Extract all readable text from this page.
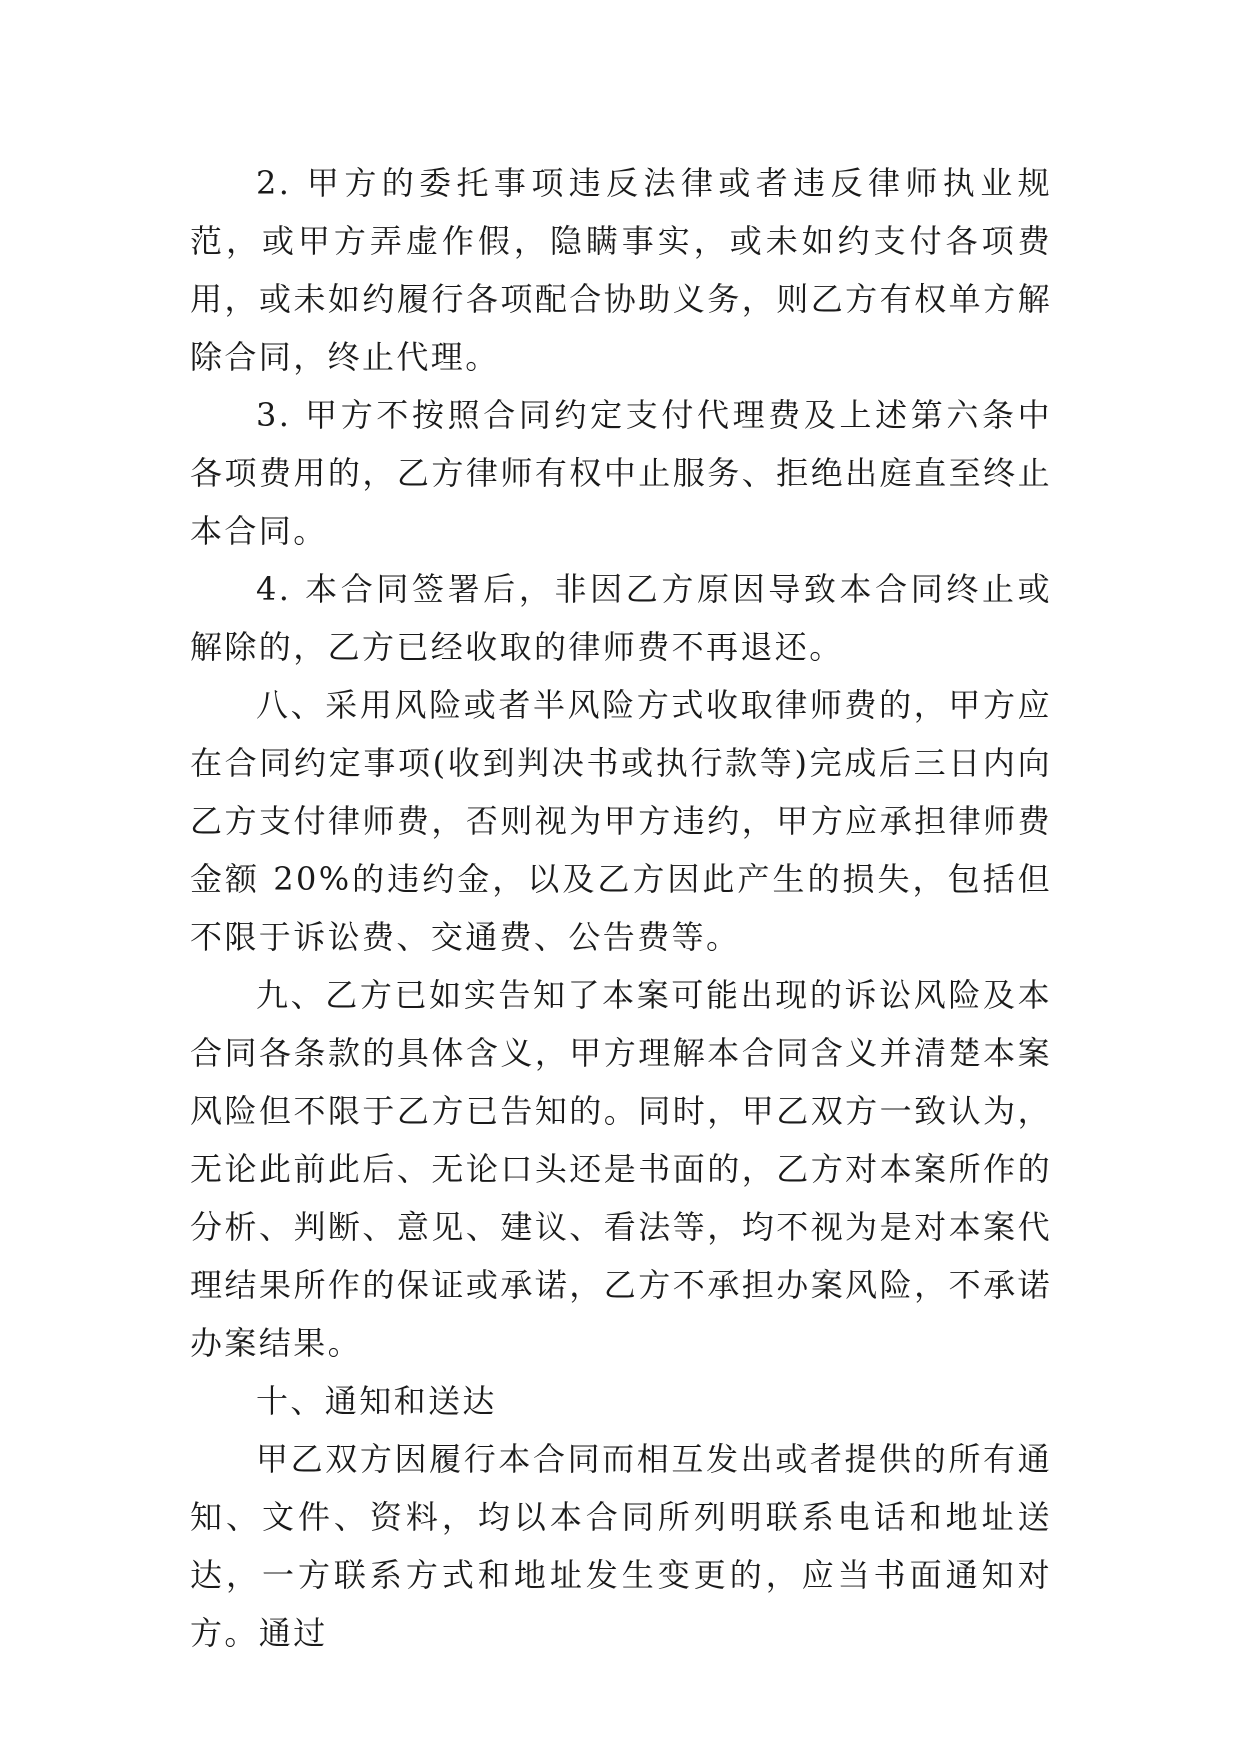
2. 甲方的委托事项违反法律或者违反律师执业规范，或甲方弄虚作假，隐瞒事实，或未如约支付各项费用，或未如约履行各项配合协助义务，则乙方有权单方解除合同，终止代理。

3. 甲方不按照合同约定支付代理费及上述第六条中各项费用的，乙方律师有权中止服务、拒绝出庭直至终止本合同。

4. 本合同签署后，非因乙方原因导致本合同终止或解除的，乙方已经收取的律师费不再退还。

八、采用风险或者半风险方式收取律师费的，甲方应在合同约定事项(收到判决书或执行款等)完成后三日内向乙方支付律师费，否则视为甲方违约，甲方应承担律师费金额 20%的违约金，以及乙方因此产生的损失，包括但不限于诉讼费、交通费、公告费等。

九、乙方已如实告知了本案可能出现的诉讼风险及本合同各条款的具体含义，甲方理解本合同含义并清楚本案风险但不限于乙方已告知的。同时，甲乙双方一致认为，无论此前此后、无论口头还是书面的，乙方对本案所作的分析、判断、意见、建议、看法等，均不视为是对本案代理结果所作的保证或承诺，乙方不承担办案风险，不承诺办案结果。

十、通知和送达

甲乙双方因履行本合同而相互发出或者提供的所有通知、文件、资料，均以本合同所列明联系电话和地址送达，一方联系方式和地址发生变更的，应当书面通知对方。通过
